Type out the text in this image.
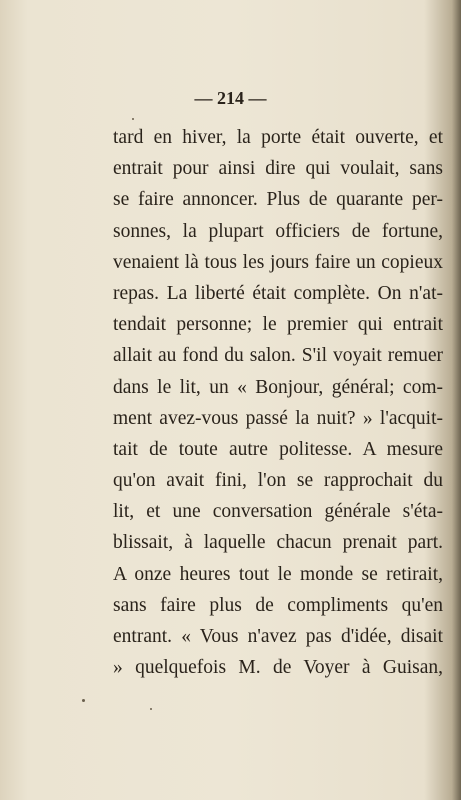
— 214 —
tard en hiver, la porte était ouverte, et
entrait pour ainsi dire qui voulait, sans
se faire annoncer. Plus de quarante per-
sonnes, la plupart officiers de fortune,
venaient là tous les jours faire un copieux
repas. La liberté était complète. On n'at-
tendait personne; le premier qui entrait
allait au fond du salon. S'il voyait remuer
dans le lit, un « Bonjour, général; com-
ment avez-vous passé la nuit? » l'acquit-
tait de toute autre politesse. A mesure
qu'on avait fini, l'on se rapprochait du
lit, et une conversation générale s'éta-
blissait, à laquelle chacun prenait part.
A onze heures tout le monde se retirait,
sans faire plus de compliments qu'en
entrant. « Vous n'avez pas d'idée, disait
» quelquefois M. de Voyer à Guisan,
